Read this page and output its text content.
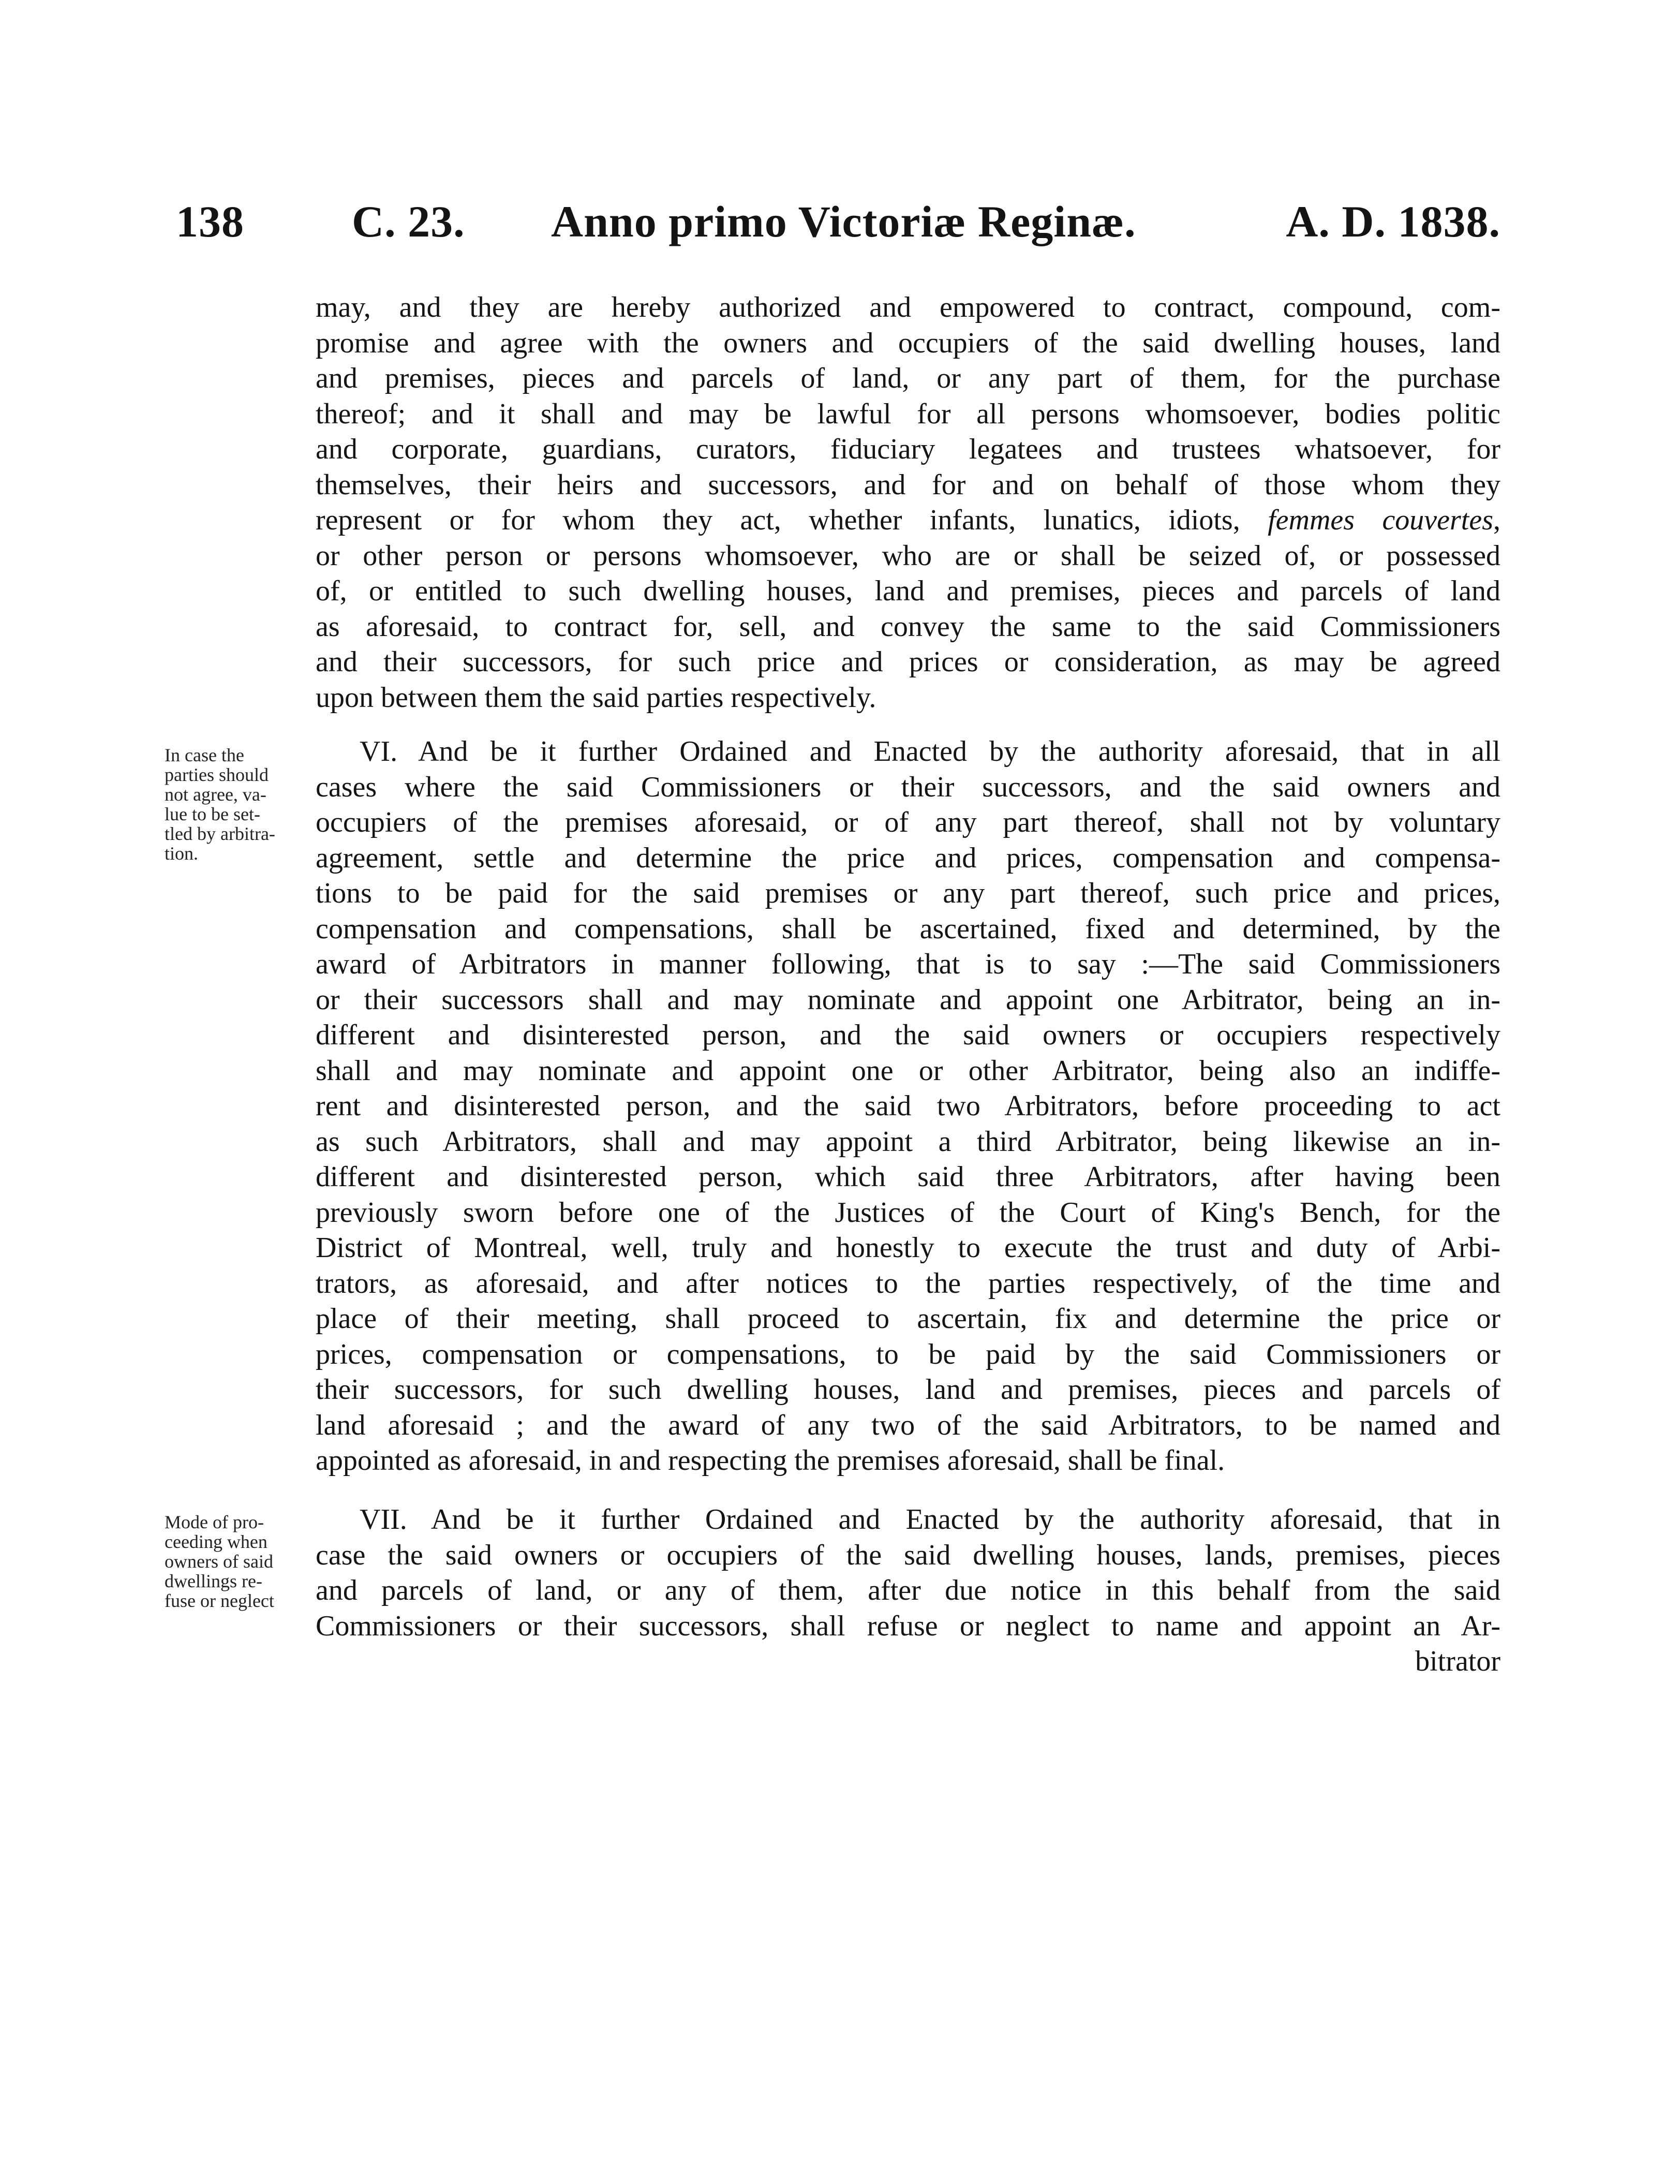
138 C. 23. Anno primo Victoriæ Reginæ.	A. D. 1838.
may, and they are hereby authorized and empowered to contract, compound, com-
promise and agree with the owners and occupiers of the said dwelling houses, land
and premises, pieces and parcels of land, or any part of them, for the purchase
thereof; and it shall and may be lawful for all persons whomsoever, bodies politic
and corporate, guardians, curators, fiduciary legatees and trustees whatsoever, for
themselves, their heirs and successors, and for and on behalf of those whom they
represent or for whom they act, whether infants, lunatics, idiots, femmes couvertes,
or other person or persons whomsoever, who are or shall be seized of, or possessed
of, or entitled to such dwelling houses, land and premises, pieces and parcels of land
as aforesaid, to contract for, sell, and convey the same to the said Commissioners
and their successors, for such price and prices or consideration, as may be agreed
upon between them the said parties respectively.
In case the
parties should
not agree, va-
lue to be set-
tled by arbitra-
tion.
VI. And be it further Ordained and Enacted by the authority aforesaid, that in all
cases where the said Commissioners or their successors, and the said owners and
occupiers of the premises aforesaid, or of any part thereof, shall not by voluntary
agreement, settle and determine the price and prices, compensation and compensa-
tions to be paid for the said premises or any part thereof, such price and prices,
compensation and compensations, shall be ascertained, fixed and determined, by the
award of Arbitrators in manner following, that is to say :—The said Commissioners
or their successors shall and may nominate and appoint one Arbitrator, being an in-
different and disinterested person, and the said owners or occupiers respectively
shall and may nominate and appoint one or other Arbitrator, being also an indiffe-
rent and disinterested person, and the said two Arbitrators, before proceeding to act
as such Arbitrators, shall and may appoint a third Arbitrator, being likewise an in-
different and disinterested person, which said three Arbitrators, after having been
previously sworn before one of the Justices of the Court of King's Bench, for the
District of Montreal, well, truly and honestly to execute the trust and duty of Arbi-
trators, as aforesaid, and after notices to the parties respectively, of the time and
place of their meeting, shall proceed to ascertain, fix and determine the price or
prices, compensation or compensations, to be paid by the said Commissioners or
their successors, for such dwelling houses, land and premises, pieces and parcels of
land aforesaid ; and the award of any two of the said Arbitrators, to be named and
appointed as aforesaid, in and respecting the premises aforesaid, shall be final.
Mode of pro-
ceeding when
owners of said
dwellings re-
fuse or neglect
VII. And be it further Ordained and Enacted by the authority aforesaid, that in
case the said owners or occupiers of the said dwelling houses, lands, premises, pieces
and parcels of land, or any of them, after due notice in this behalf from the said
Commissioners or their successors, shall refuse or neglect to name and appoint an Ar-
bitrator
